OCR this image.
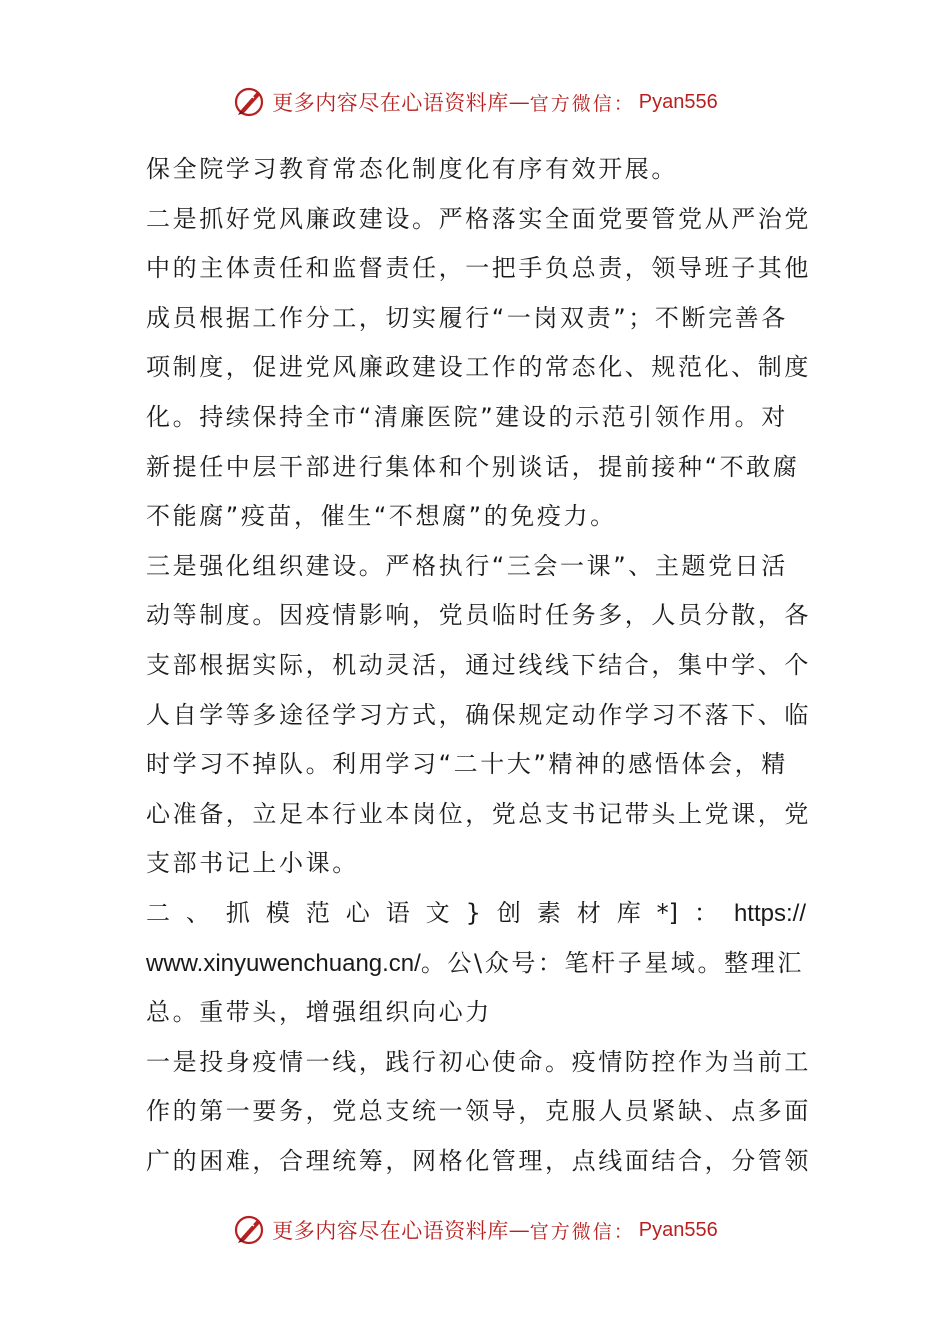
更多内容尽在心语资料库 — 官方微信： Pyan556
保全院学习教育常态化制度化有序有效开展。
二是抓好党风廉政建设。严格落实全面党要管党从严治党
中的主体责任和监督责任，一把手负总责，领导班子其他
成员根据工作分工，切实履行“一岗双责”；不断完善各
项制度，促进党风廉政建设工作的常态化、规范化、制度
化。持续保持全市“清廉医院”建设的示范引领作用。对
新提任中层干部进行集体和个别谈话，提前接种“不敢腐
不能腐”疫苗，催生“不想腐”的免疫力。
三是强化组织建设。严格执行“三会一课”、主题党日活
动等制度。因疫情影响，党员临时任务多，人员分散，各
支部根据实际，机动灵活，通过线线下结合，集中学、个
人自学等多途径学习方式，确保规定动作学习不落下、临
时学习不掉队。利用学习“二十大”精神的感悟体会，精
心准备，立足本行业本岗位，党总支书记带头上党课，党
支部书记上小课。
二 、 抓 模 范 心 语 文 } 创 素 材 库 *] ： https://
www.xinyuwenchuang.cn/。公\众号：笔杆子星域。整理汇
总。重带头，增强组织向心力
一是投身疫情一线，践行初心使命。疫情防控作为当前工
作的第一要务，党总支统一领导，克服人员紧缺、点多面
广的困难，合理统筹，网格化管理，点线面结合，分管领
更多内容尽在心语资料库 — 官方微信： Pyan556
